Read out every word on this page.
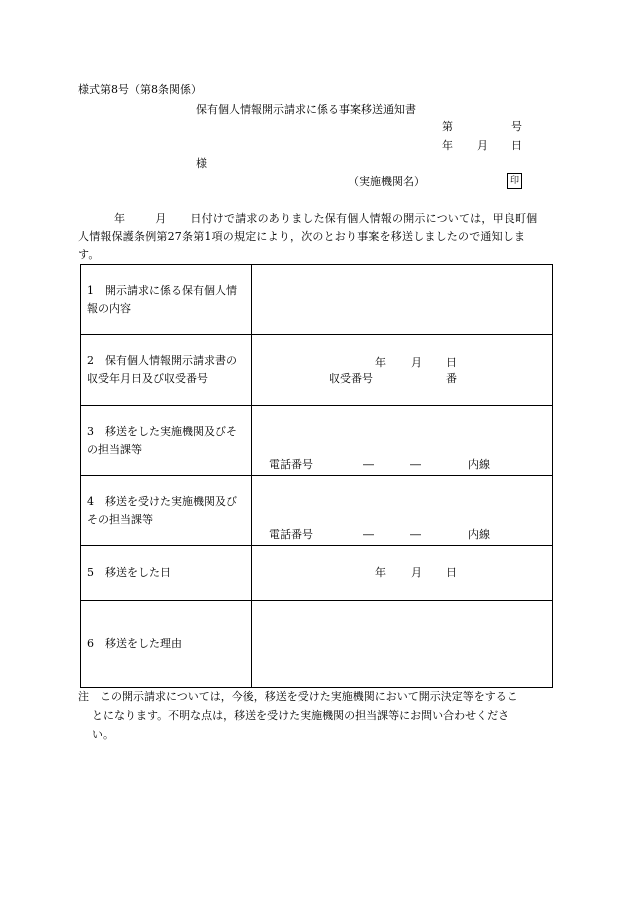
様式第8号（第8条関係）
保有個人情報開示請求に係る事案移送通知書
第	号
年 月 日
様
（実施機関名）	印
年	月 日付けで請求のありました保有個人情報の開示については，甲良町個
人情報保護条例第27条第1項の規定により，次のとおり事案を移送しましたので通知しま
す。
1　開示請求に係る保有個人情報の内容	
2　保有個人情報開示請求書の収受年月日及び収受番号	年 月 日
収受番号 番

3　移送をした実施機関及びその担当課等	電話番号 ― ― 内線

4　移送を受けた実施機関及びその担当課等	電話番号 ― ― 内線

5　移送をした日	年 月 日

6　移送をした理由	
注　この開示請求については，今後，移送を受けた実施機関において開示決定等をするこ
とになります。不明な点は，移送を受けた実施機関の担当課等にお問い合わせくださ
い。
